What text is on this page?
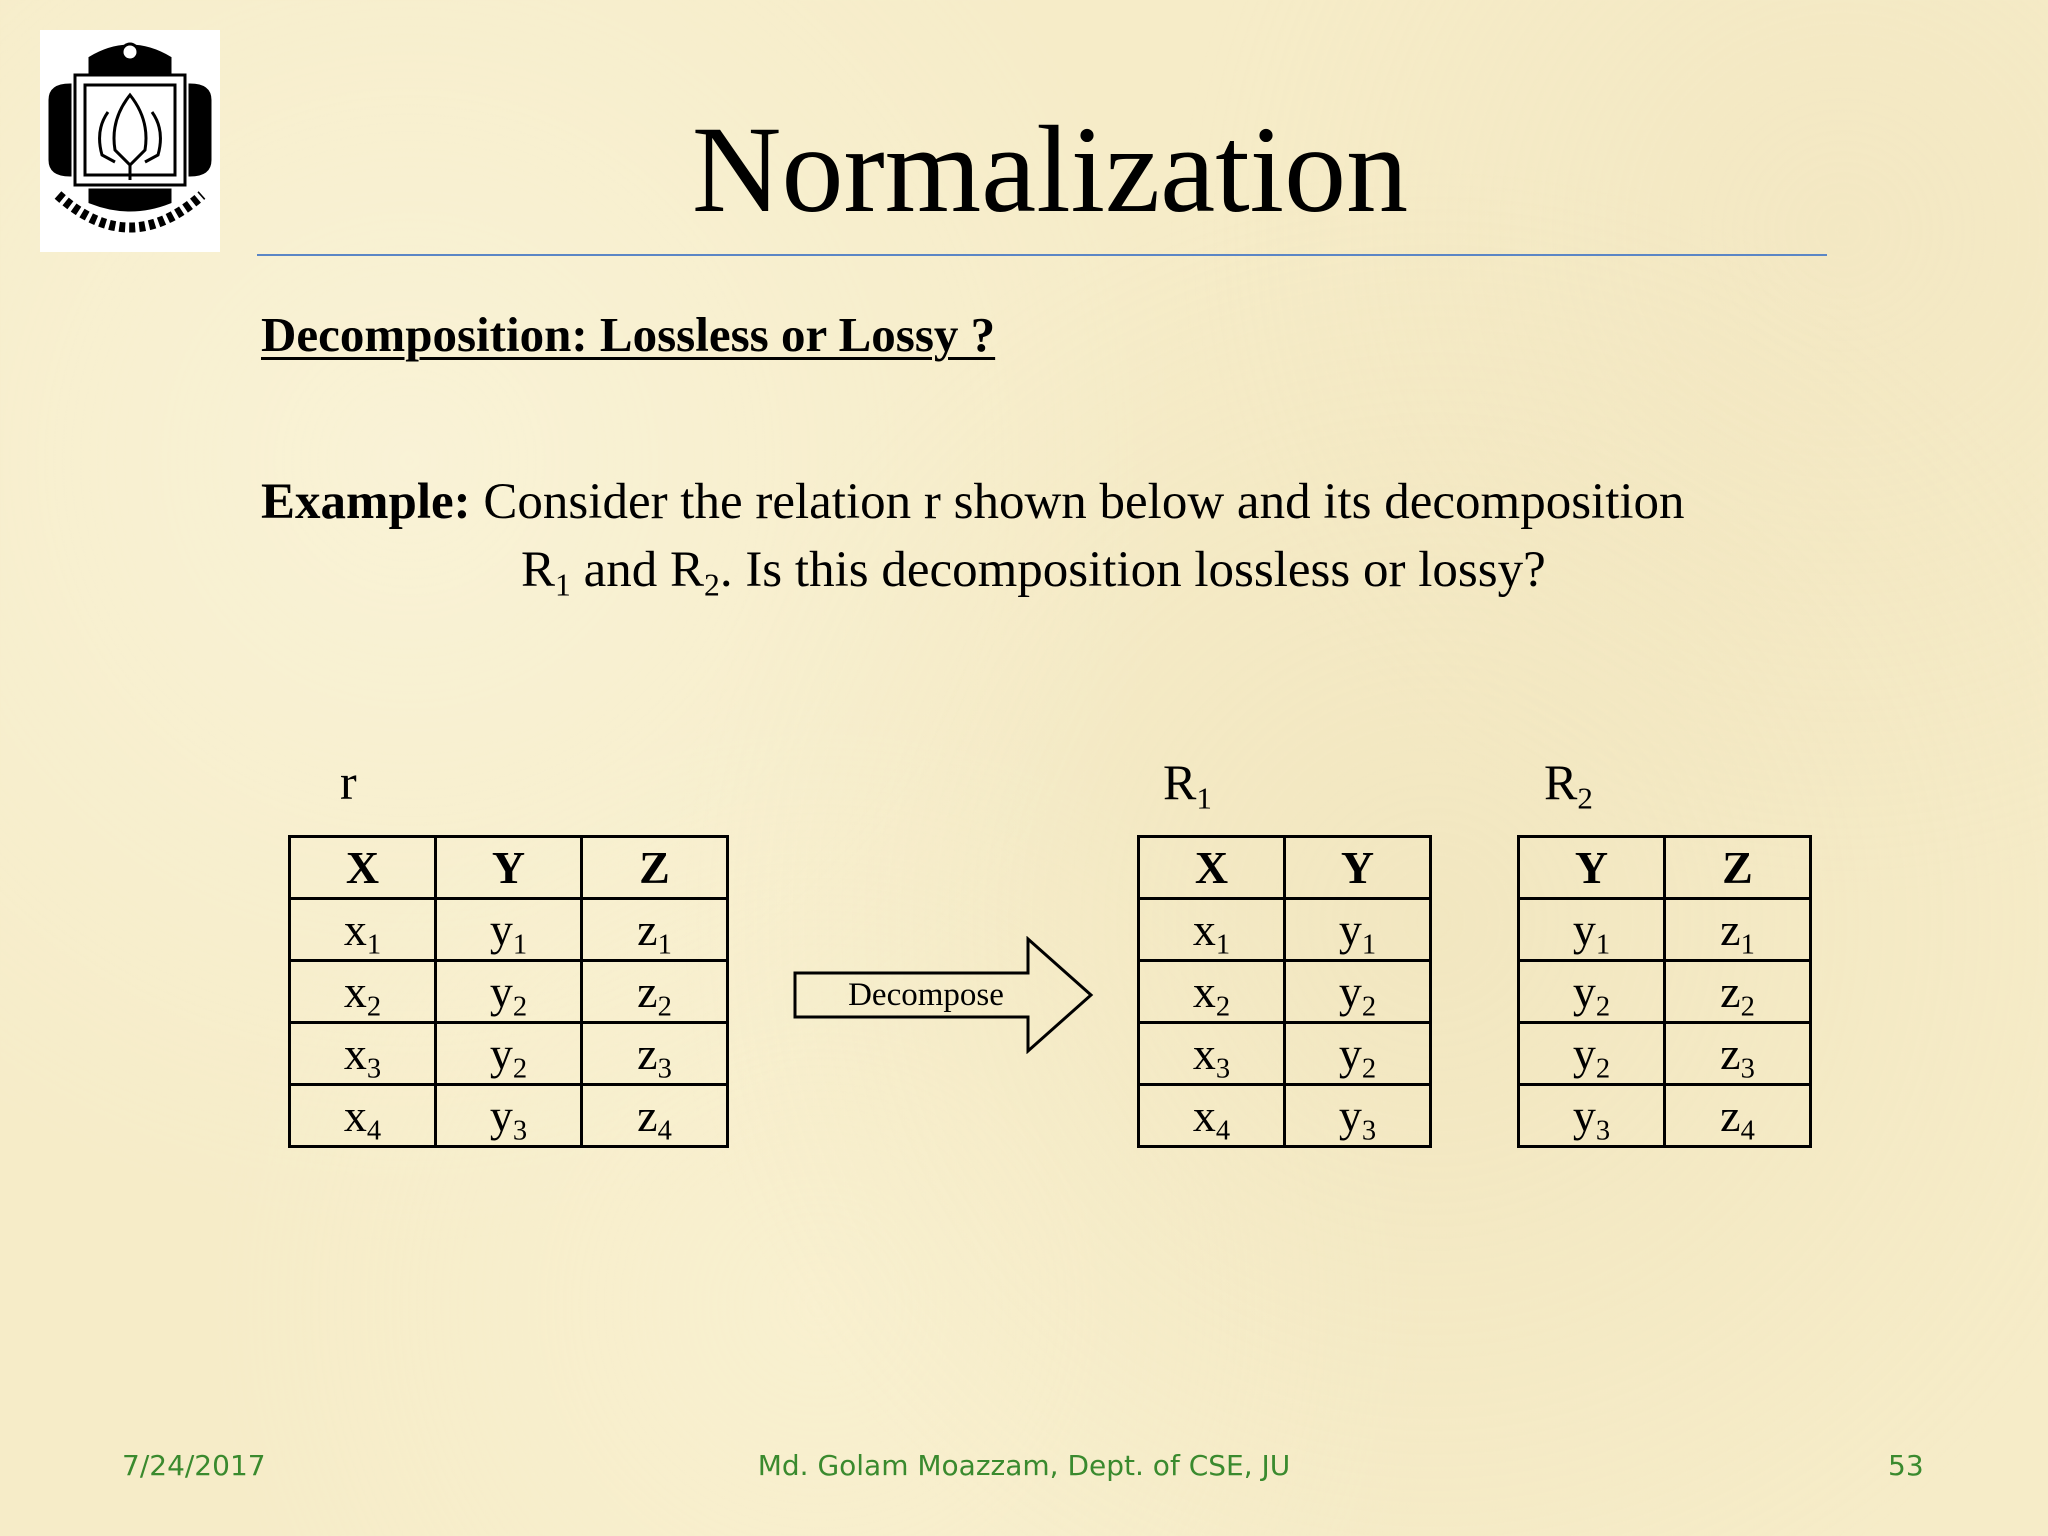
Normalization
Decomposition: Lossless or Lossy ?
Example: Consider the relation r shown below and its decomposition
$R_1$ and $R_2$. Is this decomposition lossless or lossy?
r	$R_1$	$R_2$
X	Y	Z
$x_1$	$y_1$	$z_1$
$x_2$	$y_2$	$z_2$
$x_3$	$y_2$	$z_3$
$x_4$	$y_3$	$z_4$
Decompose
X	Y
$x_1$	$y_1$
$x_2$	$y_2$
$x_3$	$y_2$
$x_4$	$y_3$
Y	Z
$y_1$	$z_1$
$y_2$	$z_2$
$y_2$	$z_3$
$y_3$	$z_4$
7/24/2017	Md. Golam Moazzam, Dept. of CSE, JU	53
